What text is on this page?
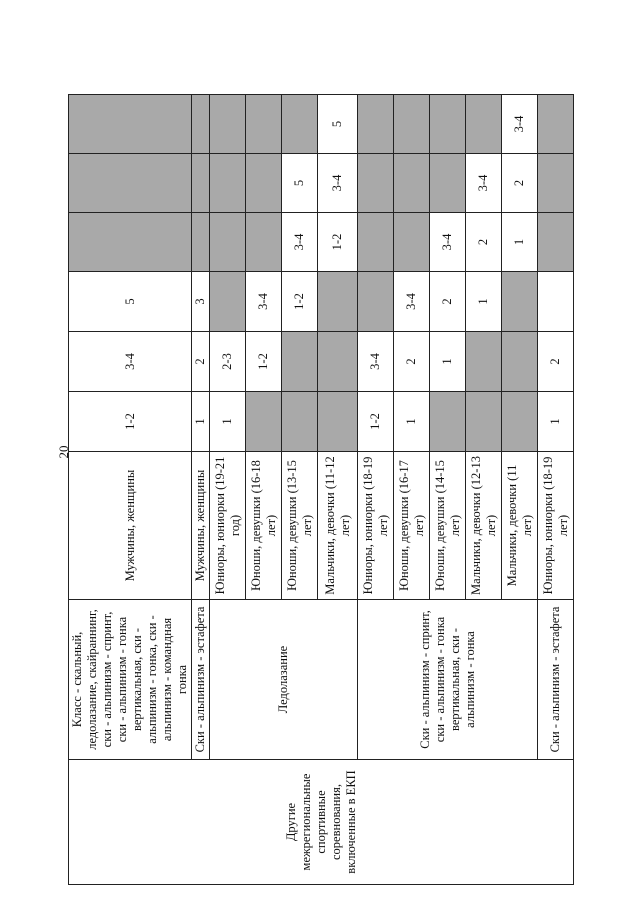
20
Другие межрегиональные спортивные соревнования, включенные в ЕКП	Класс - скальный, ледолазание, скайраннинг, ски - альпинизм - спринт, ски - альпинизм - гонка вертикальная, ски - альпинизм - гонка, ски - альпинизм - командная гонка	Мужчины, женщины	1-2	3-4	5			
	Ски - альпинизм - эстафета	Мужчины, женщины	1	2	3			
	Ледолазание	Юниоры, юниорки (19-21 год)	1	2-3				
		Юноши, девушки (16-18 лет)		1-2	3-4			
		Юноши, девушки (13-15 лет)			1-2	3-4	5	
		Мальчики, девочки (11-12 лет)				1-2	3-4	5
	Ски - альпинизм - спринт, ски - альпинизм - гонка вертикальная, ски - альпинизм - гонка	Юниоры, юниорки (18-19 лет)	1-2	3-4				
		Юноши, девушки (16-17 лет)	1	2	3-4			
		Юноши, девушки (14-15 лет)		1	2	3-4		
		Мальчики, девочки (12-13 лет)			1	2	3-4	
		Мальчики, девочки (11 лет)				1	2	3-4
	Ски - альпинизм - эстафета	Юниоры, юниорки (18-19 лет)	1	2				
